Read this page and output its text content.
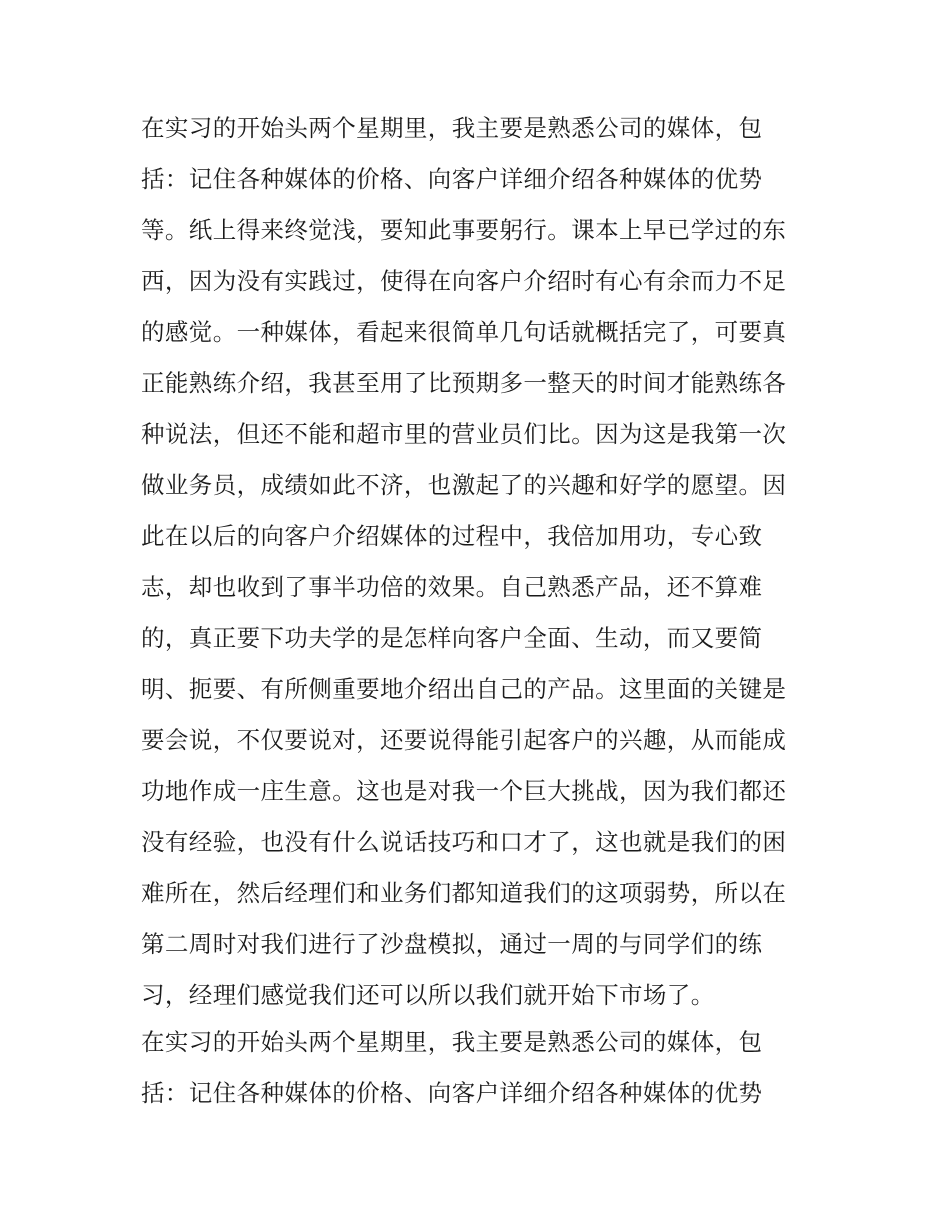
在实习的开始头两个星期里，我主要是熟悉公司的媒体，包
括：记住各种媒体的价格、向客户详细介绍各种媒体的优势
等。纸上得来终觉浅，要知此事要躬行。课本上早已学过的东
西，因为没有实践过，使得在向客户介绍时有心有余而力不足
的感觉。一种媒体，看起来很简单几句话就概括完了，可要真
正能熟练介绍，我甚至用了比预期多一整天的时间才能熟练各
种说法，但还不能和超市里的营业员们比。因为这是我第一次
做业务员，成绩如此不济，也激起了的兴趣和好学的愿望。因
此在以后的向客户介绍媒体的过程中，我倍加用功，专心致
志，却也收到了事半功倍的效果。自己熟悉产品，还不算难
的，真正要下功夫学的是怎样向客户全面、生动，而又要简
明、扼要、有所侧重要地介绍出自己的产品。这里面的关键是
要会说，不仅要说对，还要说得能引起客户的兴趣，从而能成
功地作成一庄生意。这也是对我一个巨大挑战，因为我们都还
没有经验，也没有什么说话技巧和口才了，这也就是我们的困
难所在，然后经理们和业务们都知道我们的这项弱势，所以在
第二周时对我们进行了沙盘模拟，通过一周的与同学们的练
习，经理们感觉我们还可以所以我们就开始下市场了。
在实习的开始头两个星期里，我主要是熟悉公司的媒体，包
括：记住各种媒体的价格、向客户详细介绍各种媒体的优势
